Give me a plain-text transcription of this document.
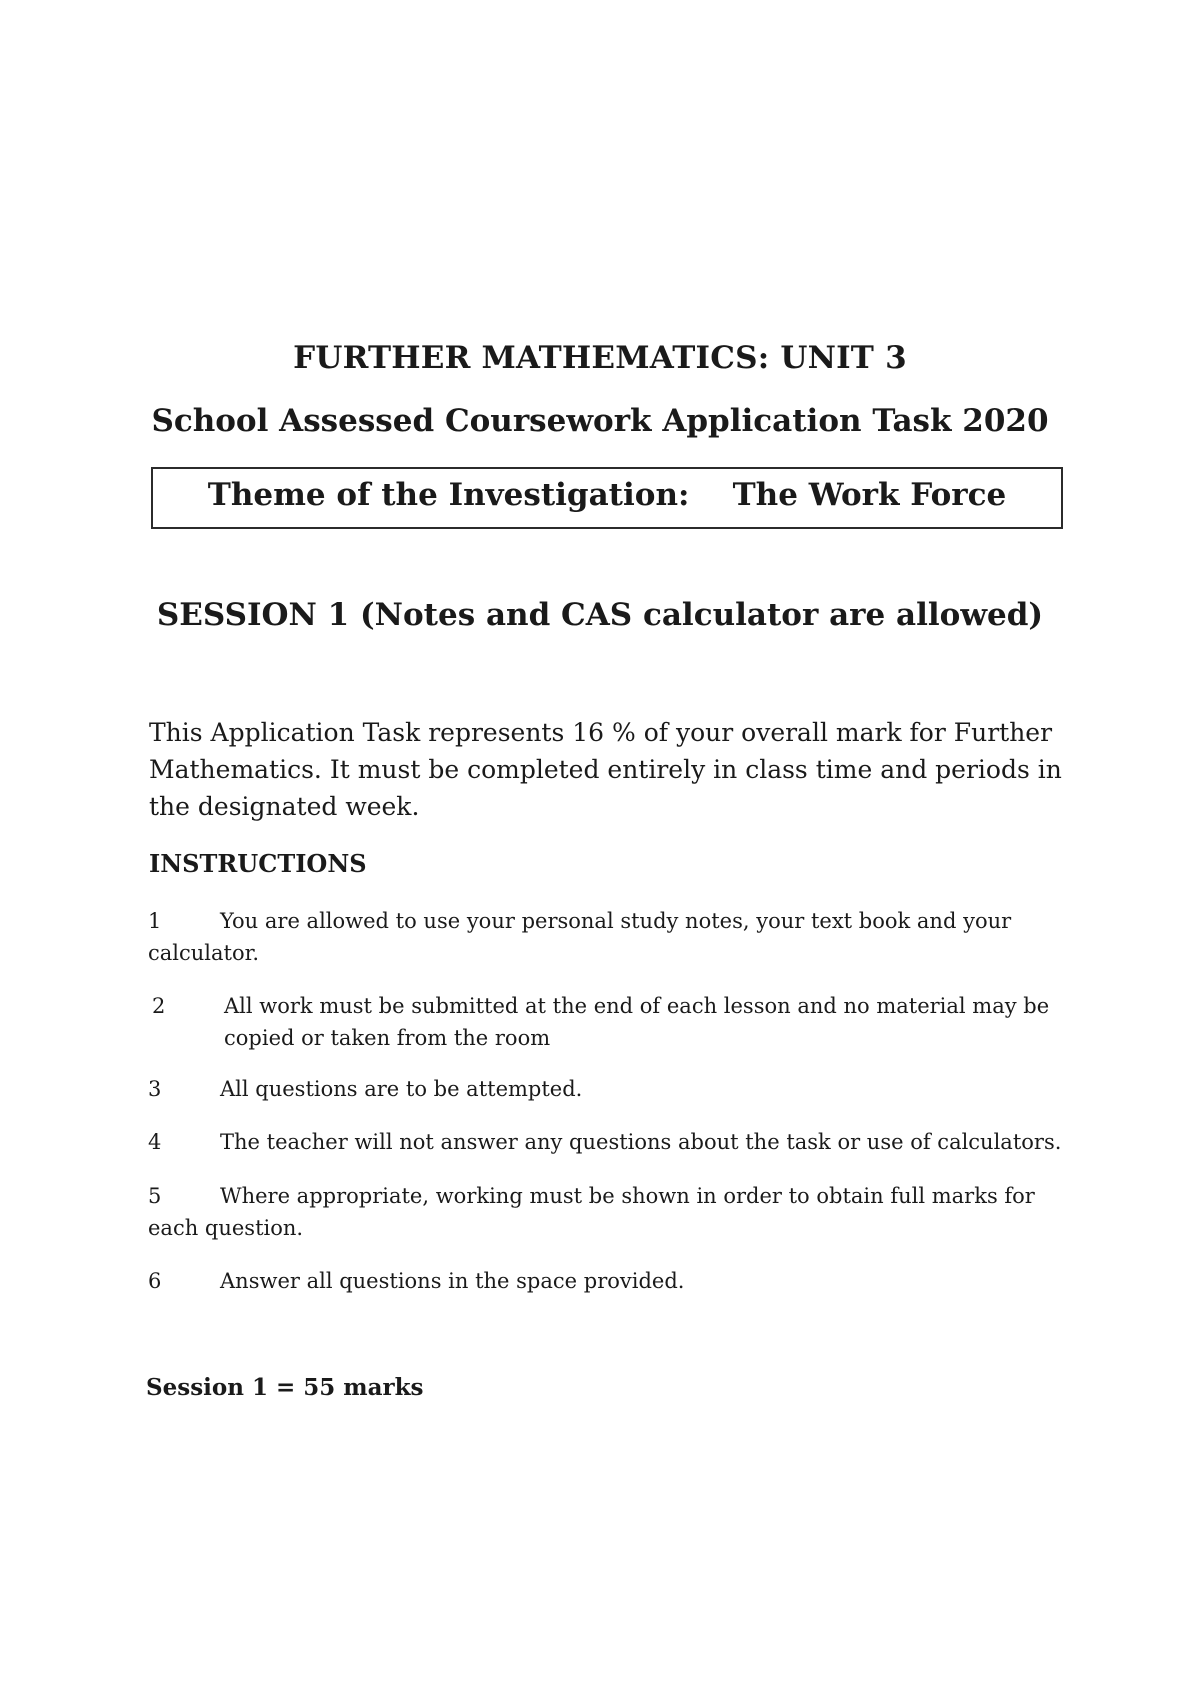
FURTHER MATHEMATICS: UNIT 3
School Assessed Coursework Application Task 2020
Theme of the Investigation:    The Work Force
SESSION 1 (Notes and CAS calculator are allowed)
This Application Task represents 16 % of your overall mark for Further Mathematics. It must be completed entirely in class time and periods in the designated week.
INSTRUCTIONS
1	You are allowed to use your personal study notes, your text book and your
calculator.
2	All work must be submitted at the end of each lesson and no material may be
copied or taken from the room
3	All questions are to be attempted.
4	The teacher will not answer any questions about the task or use of calculators.
5	Where appropriate, working must be shown in order to obtain full marks for
each question.
6	Answer all questions in the space provided.
Session 1 = 55 marks
